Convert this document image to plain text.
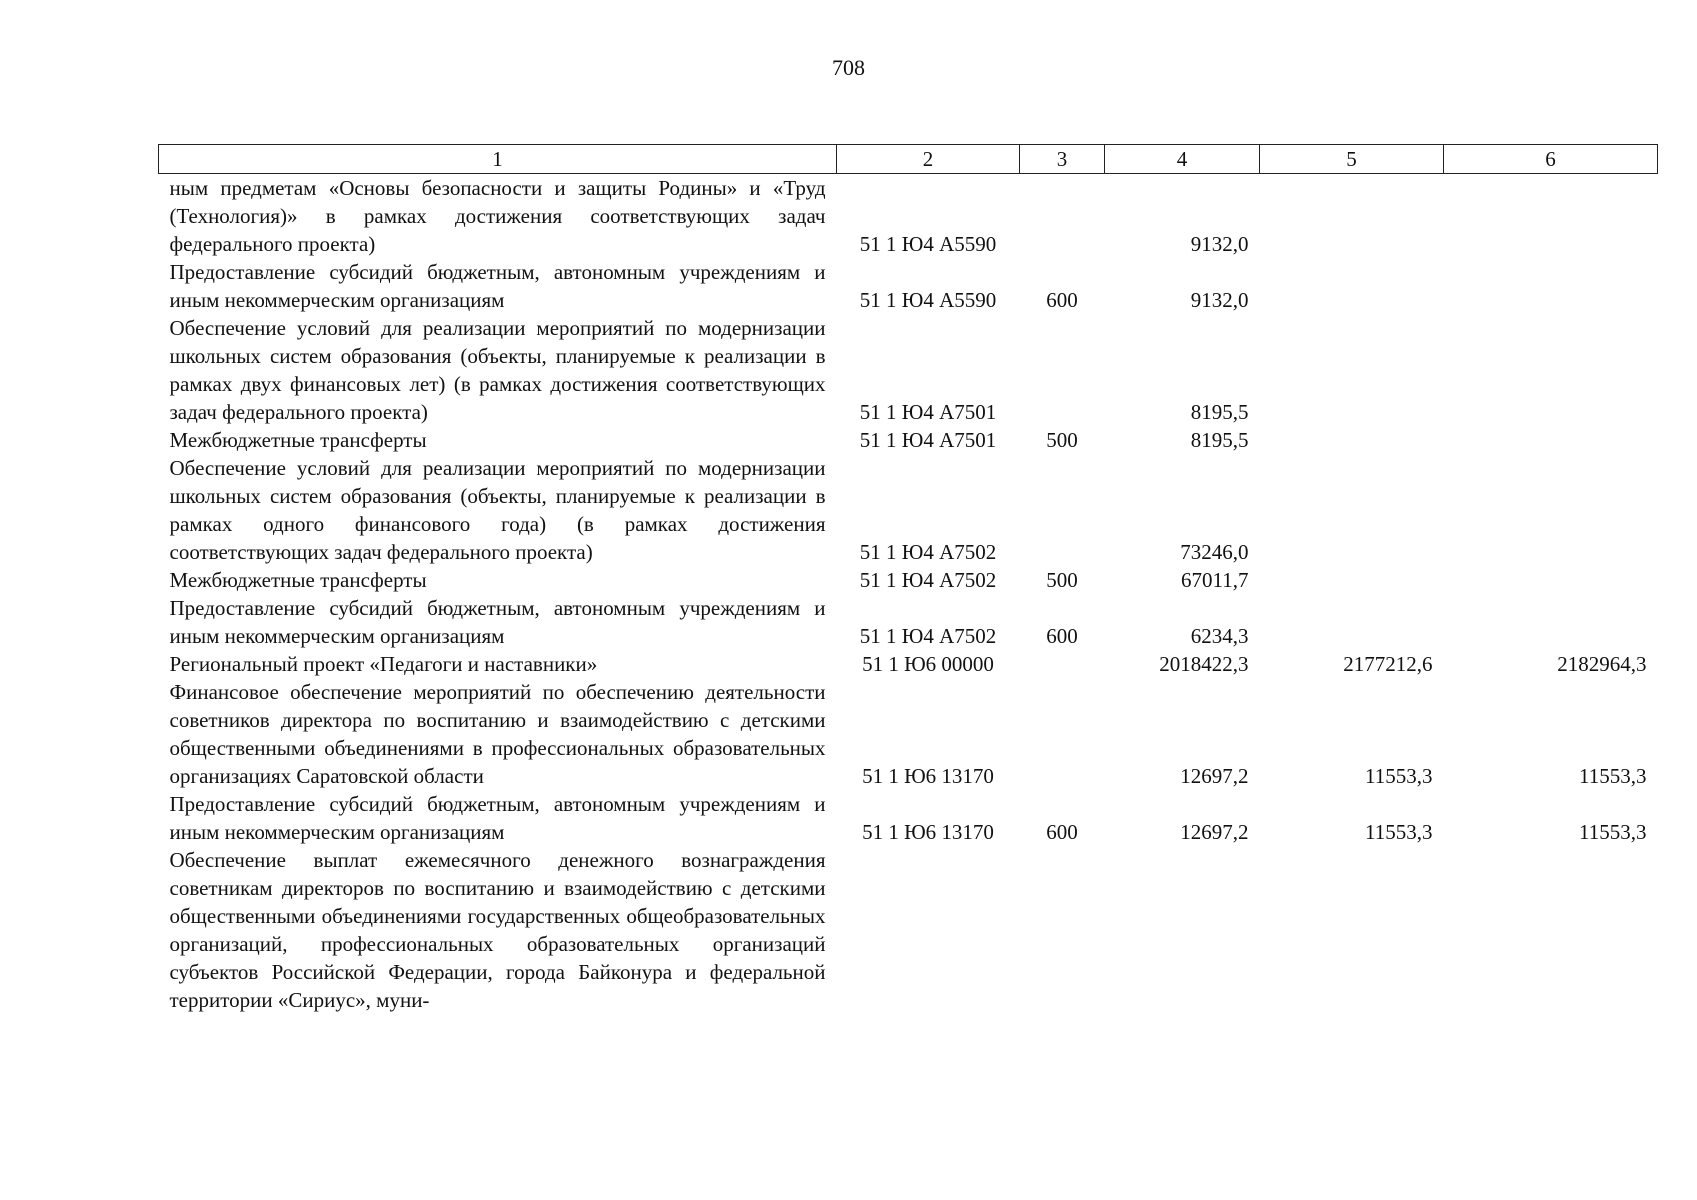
708
1	2	3	4	5	6
ным предметам «Основы безопасности и защиты Родины» и «Труд (Технология)» в рамках достижения соответствующих задач федерального проекта)	51 1 Ю4 А5590		9132,0		
Предоставление субсидий бюджетным, автономным учреждениям и иным некоммерческим организациям	51 1 Ю4 А5590	600	9132,0		
Обеспечение условий для реализации мероприятий по модернизации школьных систем образования (объекты, планируемые к реализации в рамках двух финансовых лет) (в рамках достижения соответствующих задач федерального проекта)	51 1 Ю4 А7501		8195,5		
Межбюджетные трансферты	51 1 Ю4 А7501	500	8195,5		
Обеспечение условий для реализации мероприятий по модернизации школьных систем образования (объекты, планируемые к реализации в рамках одного финансового года) (в рамках достижения соответствующих задач федерального проекта)	51 1 Ю4 А7502		73246,0		
Межбюджетные трансферты	51 1 Ю4 А7502	500	67011,7		
Предоставление субсидий бюджетным, автономным учреждениям и иным некоммерческим организациям	51 1 Ю4 А7502	600	6234,3		
Региональный проект «Педагоги и наставники»	51 1 Ю6 00000		2018422,3	2177212,6	2182964,3
Финансовое обеспечение мероприятий по обеспечению деятельности советников директора по воспитанию и взаимодействию с детскими общественными объединениями в профессиональных образовательных организациях Саратовской области	51 1 Ю6 13170		12697,2	11553,3	11553,3
Предоставление субсидий бюджетным, автономным учреждениям и иным некоммерческим организациям	51 1 Ю6 13170	600	12697,2	11553,3	11553,3
Обеспечение выплат ежемесячного денежного вознаграждения советникам директоров по воспитанию и взаимодействию с детскими общественными объединениями государственных общеобразовательных организаций, профессиональных образовательных организаций субъектов Российской Федерации, города Байконура и федеральной территории «Сириус», муни-					
